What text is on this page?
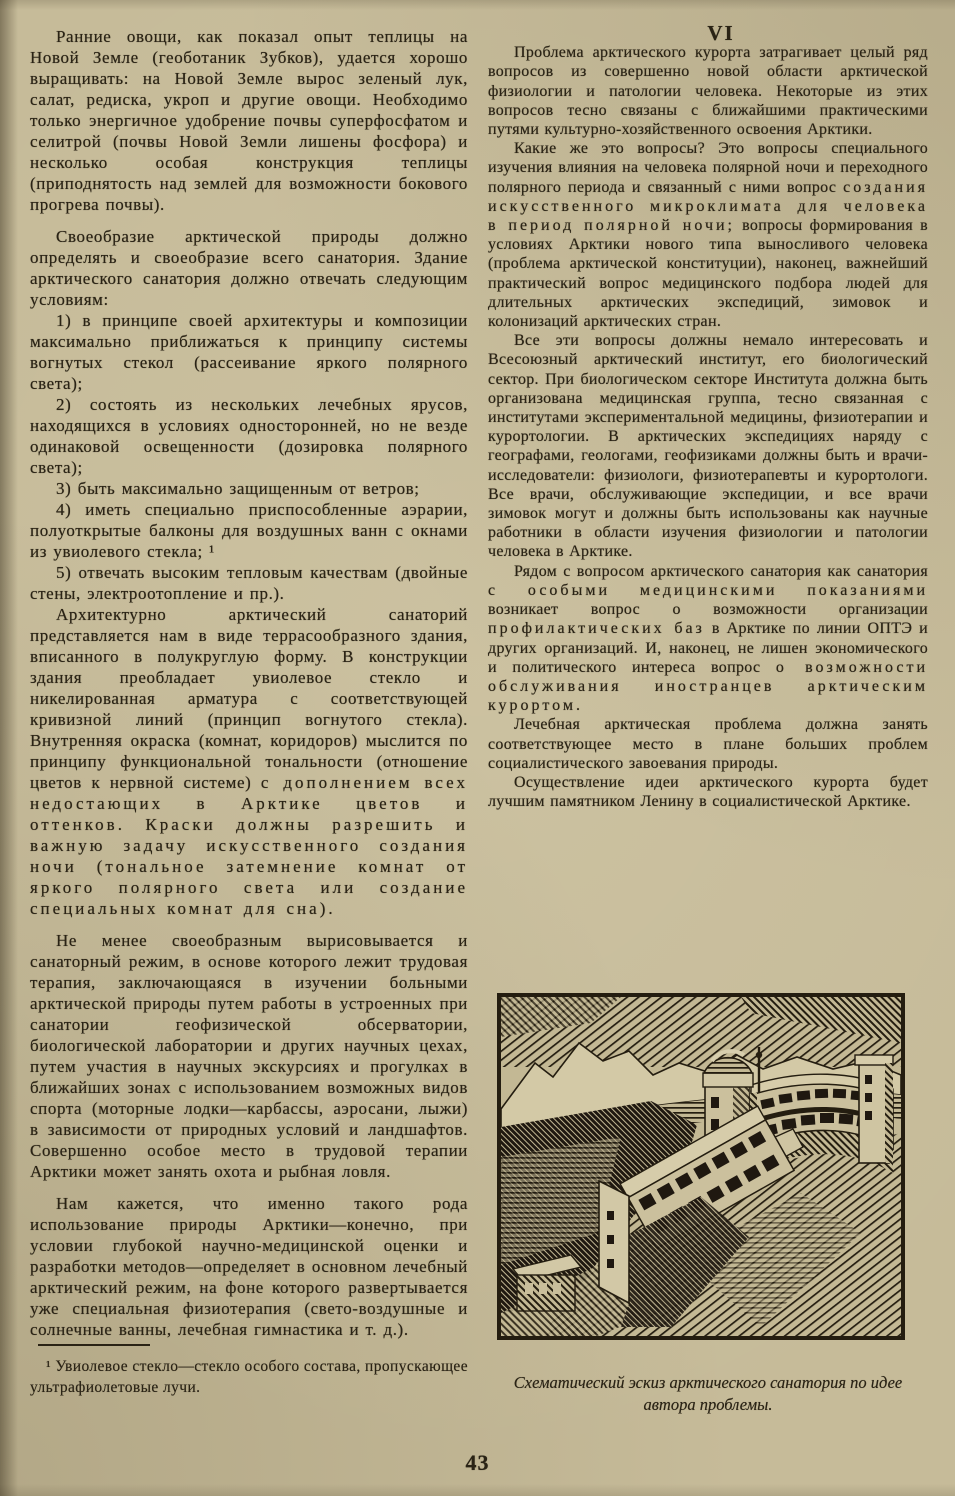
Ранние овощи, как показал опыт теплицы на Новой Земле (геоботаник Зубков), удается хорошо выращивать: на Новой Земле вырос зеленый лук, салат, редиска, укроп и другие овощи. Необходимо только энергичное удобрение почвы суперфосфатом и селитрой (почвы Новой Земли лишены фосфора) и несколько особая конструкция теплицы (приподнятость над землей для возможности бокового прогрева почвы).

Своеобразие арктической природы должно определять и своеобразие всего санатория. Здание арктического санатория должно отвечать следующим условиям:

1) в принципе своей архитектуры и композиции максимально приближаться к принципу системы вогнутых стекол (рассеивание яркого полярного света);

2) состоять из нескольких лечебных ярусов, находящихся в условиях односторонней, но не везде одинаковой освещенности (дозировка полярного света);

3) быть максимально защищенным от ветров;

4) иметь специально приспособленные аэрарии, полуоткрытые балконы для воздушных ванн с окнами из увиолевого стекла; ¹

5) отвечать высоким тепловым качествам (двойные стены, электроотопление и пр.).

Архитектурно арктический санаторий представляется нам в виде террасообразного здания, вписанного в полукруглую форму. В конструкции здания преобладает увиолевое стекло и никелированная арматура с соответствующей кривизной линий (принцип вогнутого стекла). Внутренняя окраска (комнат, коридоров) мыслится по принципу функциональной тональности (отношение цветов к нервной системе) с дополнением всех недостающих в Арктике цветов и оттенков. Краски должны разрешить и важную задачу искусственного создания ночи (тональное затемнение комнат от яркого полярного света или создание специальных комнат для сна).

Не менее своеобразным вырисовывается и санаторный режим, в основе которого лежит трудовая терапия, заключающаяся в изучении больными арктической природы путем работы в устроенных при санатории геофизической обсерватории, биологической лаборатории и других научных цехах, путем участия в научных экскурсиях и прогулках в ближайших зонах с использованием возможных видов спорта (моторные лодки—карбассы, аэросани, лыжи) в зависимости от природных условий и ландшафтов. Совершенно особое место в трудовой терапии Арктики может занять охота и рыбная ловля.

Нам кажется, что именно такого рода использование природы Арктики—конечно, при условии глубокой научно-медицинской оценки и разработки методов—определяет в основном лечебный арктический режим, на фоне которого развертывается уже специальная физиотерапия (свето-воздушные и солнечные ванны, лечебная гимнастика и т. д.).

VI

Проблема арктического курорта затрагивает целый ряд вопросов из совершенно новой области арктической физиологии и патологии человека. Некоторые из этих вопросов тесно связаны с ближайшими практическими путями культурно-хозяйственного освоения Арктики.

Какие же это вопросы? Это вопросы специального изучения влияния на человека полярной ночи и переходного полярного периода и связанный с ними вопрос создания искусственного микроклимата для человека в период полярной ночи; вопросы формирования в условиях Арктики нового типа выносливого человека (проблема арктической конституции), наконец, важнейший практический вопрос медицинского подбора людей для длительных арктических экспедиций, зимовок и колонизаций арктических стран.

Все эти вопросы должны немало интересовать и Всесоюзный арктический институт, его биологический сектор. При биологическом секторе Института должна быть организована медицинская группа, тесно связанная с институтами экспериментальной медицины, физиотерапии и курортологии. В арктических экспедициях наряду с географами, геологами, геофизиками должны быть и врачи-исследователи: физиологи, физиотерапевты и курортологи. Все врачи, обслуживающие экспедиции, и все врачи зимовок могут и должны быть использованы как научные работники в области изучения физиологии и патологии человека в Арктике.

Рядом с вопросом арктического санатория как санатория с особыми медицинскими показаниями возникает вопрос о возможности организации профилактических баз в Арктике по линии ОПТЭ и других организаций. И, наконец, не лишен экономического и политического интереса вопрос о возможности обслуживания иностранцев арктическим курортом.

Лечебная арктическая проблема должна занять соответствующее место в плане больших проблем социалистического завоевания природы.

Осуществление идеи арктического курорта будет лучшим памятником Ленину в социалистической Арктике.

Схематический эскиз арктического санатория по идее автора проблемы.

¹ Увиолевое стекло—стекло особого состава, пропускающее ультрафиолетовые лучи.

43
